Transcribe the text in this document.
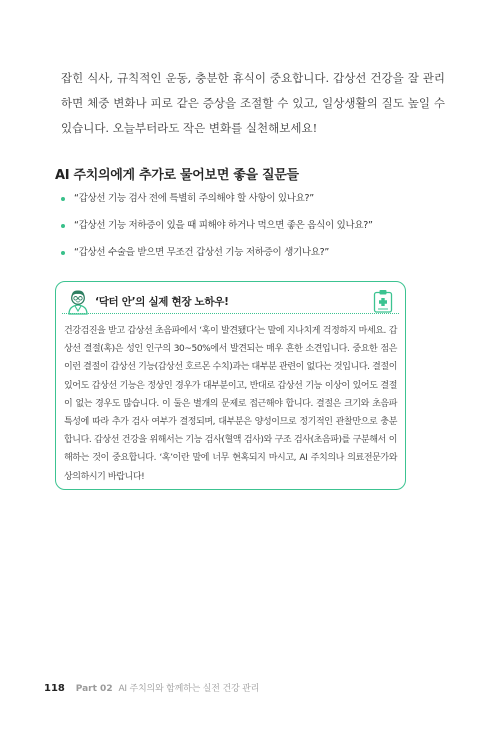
잡힌 식사, 규칙적인 운동, 충분한 휴식이 중요합니다. 갑상선 건강을 잘 관리하면 체중 변화나 피로 같은 증상을 조절할 수 있고, 일상생활의 질도 높일 수 있습니다. 오늘부터라도 작은 변화를 실천해보세요!

AI 주치의에게 추가로 물어보면 좋을 질문들
“갑상선 기능 검사 전에 특별히 주의해야 할 사항이 있나요?”
“갑상선 기능 저하증이 있을 때 피해야 하거나 먹으면 좋은 음식이 있나요?”
“갑상선 수술을 받으면 무조건 갑상선 기능 저하증이 생기나요?”

‘닥터 안’의 실제 현장 노하우!

건강검진을 받고 갑상선 초음파에서 ‘혹이 발견됐다’는 말에 지나치게 걱정하지 마세요. 갑상선 결절(혹)은 성인 인구의 30~50%에서 발견되는 매우 흔한 소견입니다. 중요한 점은 이런 결절이 갑상선 기능(갑상선 호르몬 수치)과는 대부분 관련이 없다는 것입니다. 결절이 있어도 갑상선 기능은 정상인 경우가 대부분이고, 반대로 갑상선 기능 이상이 있어도 결절이 없는 경우도 많습니다. 이 둘은 별개의 문제로 접근해야 합니다. 결절은 크기와 초음파 특성에 따라 추가 검사 여부가 결정되며, 대부분은 양성이므로 정기적인 관찰만으로 충분합니다. 갑상선 건강을 위해서는 기능 검사(혈액 검사)와 구조 검사(초음파)를 구분해서 이해하는 것이 중요합니다. ‘혹’이란 말에 너무 현혹되지 마시고, AI 주치의나 의료전문가와 상의하시기 바랍니다!

118 Part 02 AI 주치의와 함께하는 실전 건강 관리
